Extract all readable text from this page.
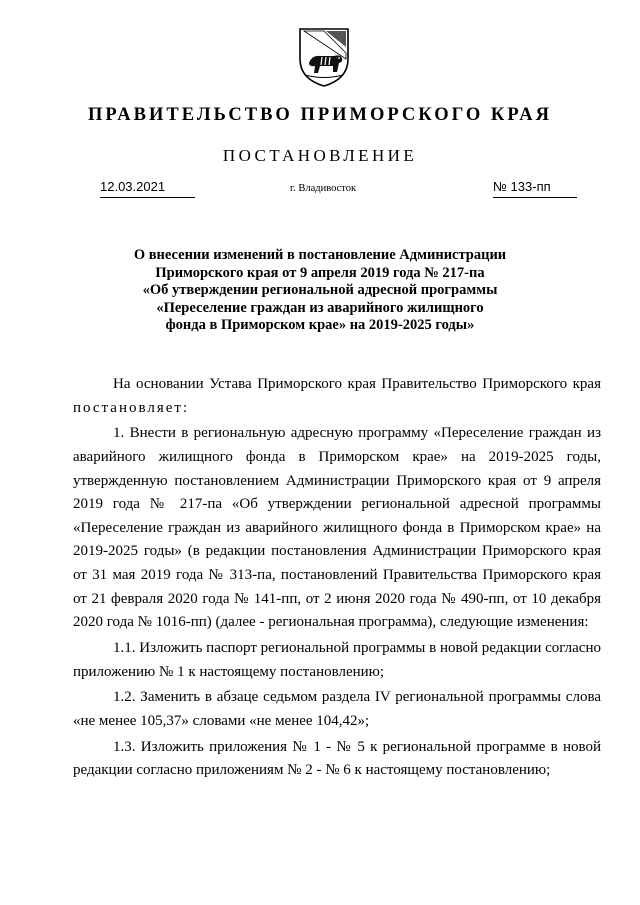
ПРАВИТЕЛЬСТВО ПРИМОРСКОГО КРАЯ
ПОСТАНОВЛЕНИЕ
12.03.2021	г. Владивосток	№ 133-пп
О внесении изменений в постановление Администрации
Приморского края от 9 апреля 2019 года № 217-па
«Об утверждении региональной адресной программы
«Переселение граждан из аварийного жилищного
фонда в Приморском крае» на 2019-2025 годы»

На основании Устава Приморского края Правительство Приморского края постановляет:

1. Внести в региональную адресную программу «Переселение граждан из аварийного жилищного фонда в Приморском крае» на 2019-2025 годы, утвержденную постановлением Администрации Приморского края от 9 апреля 2019 года № 217-па «Об утверждении региональной адресной программы «Переселение граждан из аварийного жилищного фонда в Приморском крае» на 2019-2025 годы» (в редакции постановления Администрации Приморского края от 31 мая 2019 года № 313-па, постановлений Правительства Приморского края от 21 февраля 2020 года № 141-пп, от 2 июня 2020 года № 490-пп, от 10 декабря 2020 года № 1016-пп) (далее - региональная программа), следующие изменения:

1.1. Изложить паспорт региональной программы в новой редакции согласно приложению № 1 к настоящему постановлению;

1.2. Заменить в абзаце седьмом раздела IV региональной программы слова «не менее 105,37» словами «не менее 104,42»;

1.3. Изложить приложения № 1 - № 5 к региональной программе в новой редакции согласно приложениям № 2 - № 6 к настоящему постановлению;
